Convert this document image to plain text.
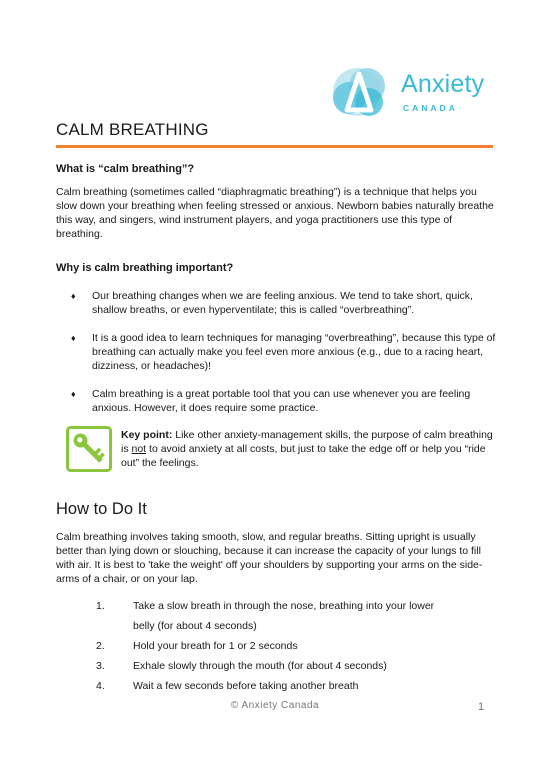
Anxiety
CANADA
CALM BREATHING
What is “calm breathing”?

Calm breathing (sometimes called “diaphragmatic breathing”) is a technique that helps you slow down your breathing when feeling stressed or anxious. Newborn babies naturally breathe this way, and singers, wind instrument players, and yoga practitioners use this type of breathing.

Why is calm breathing important?
♦ Our breathing changes when we are feeling anxious. We tend to take short, quick, shallow breaths, or even hyperventilate; this is called “overbreathing”.
♦ It is a good idea to learn techniques for managing “overbreathing”, because this type of breathing can actually make you feel even more anxious (e.g., due to a racing heart, dizziness, or headaches)!
♦ Calm breathing is a great portable tool that you can use whenever you are feeling anxious. However, it does require some practice.

Key point: Like other anxiety-management skills, the purpose of calm breathing is not to avoid anxiety at all costs, but just to take the edge off or help you “ride out” the feelings.

How to Do It

Calm breathing involves taking smooth, slow, and regular breaths. Sitting upright is usually better than lying down or slouching, because it can increase the capacity of your lungs to fill with air. It is best to 'take the weight' off your shoulders by supporting your arms on the side-arms of a chair, or on your lap.

1.	Take a slow breath in through the nose, breathing into your lower
belly (for about 4 seconds)
2.	Hold your breath for 1 or 2 seconds
3.	Exhale slowly through the mouth (for about 4 seconds)
4.	Wait a few seconds before taking another breath
© Anxiety Canada	1
